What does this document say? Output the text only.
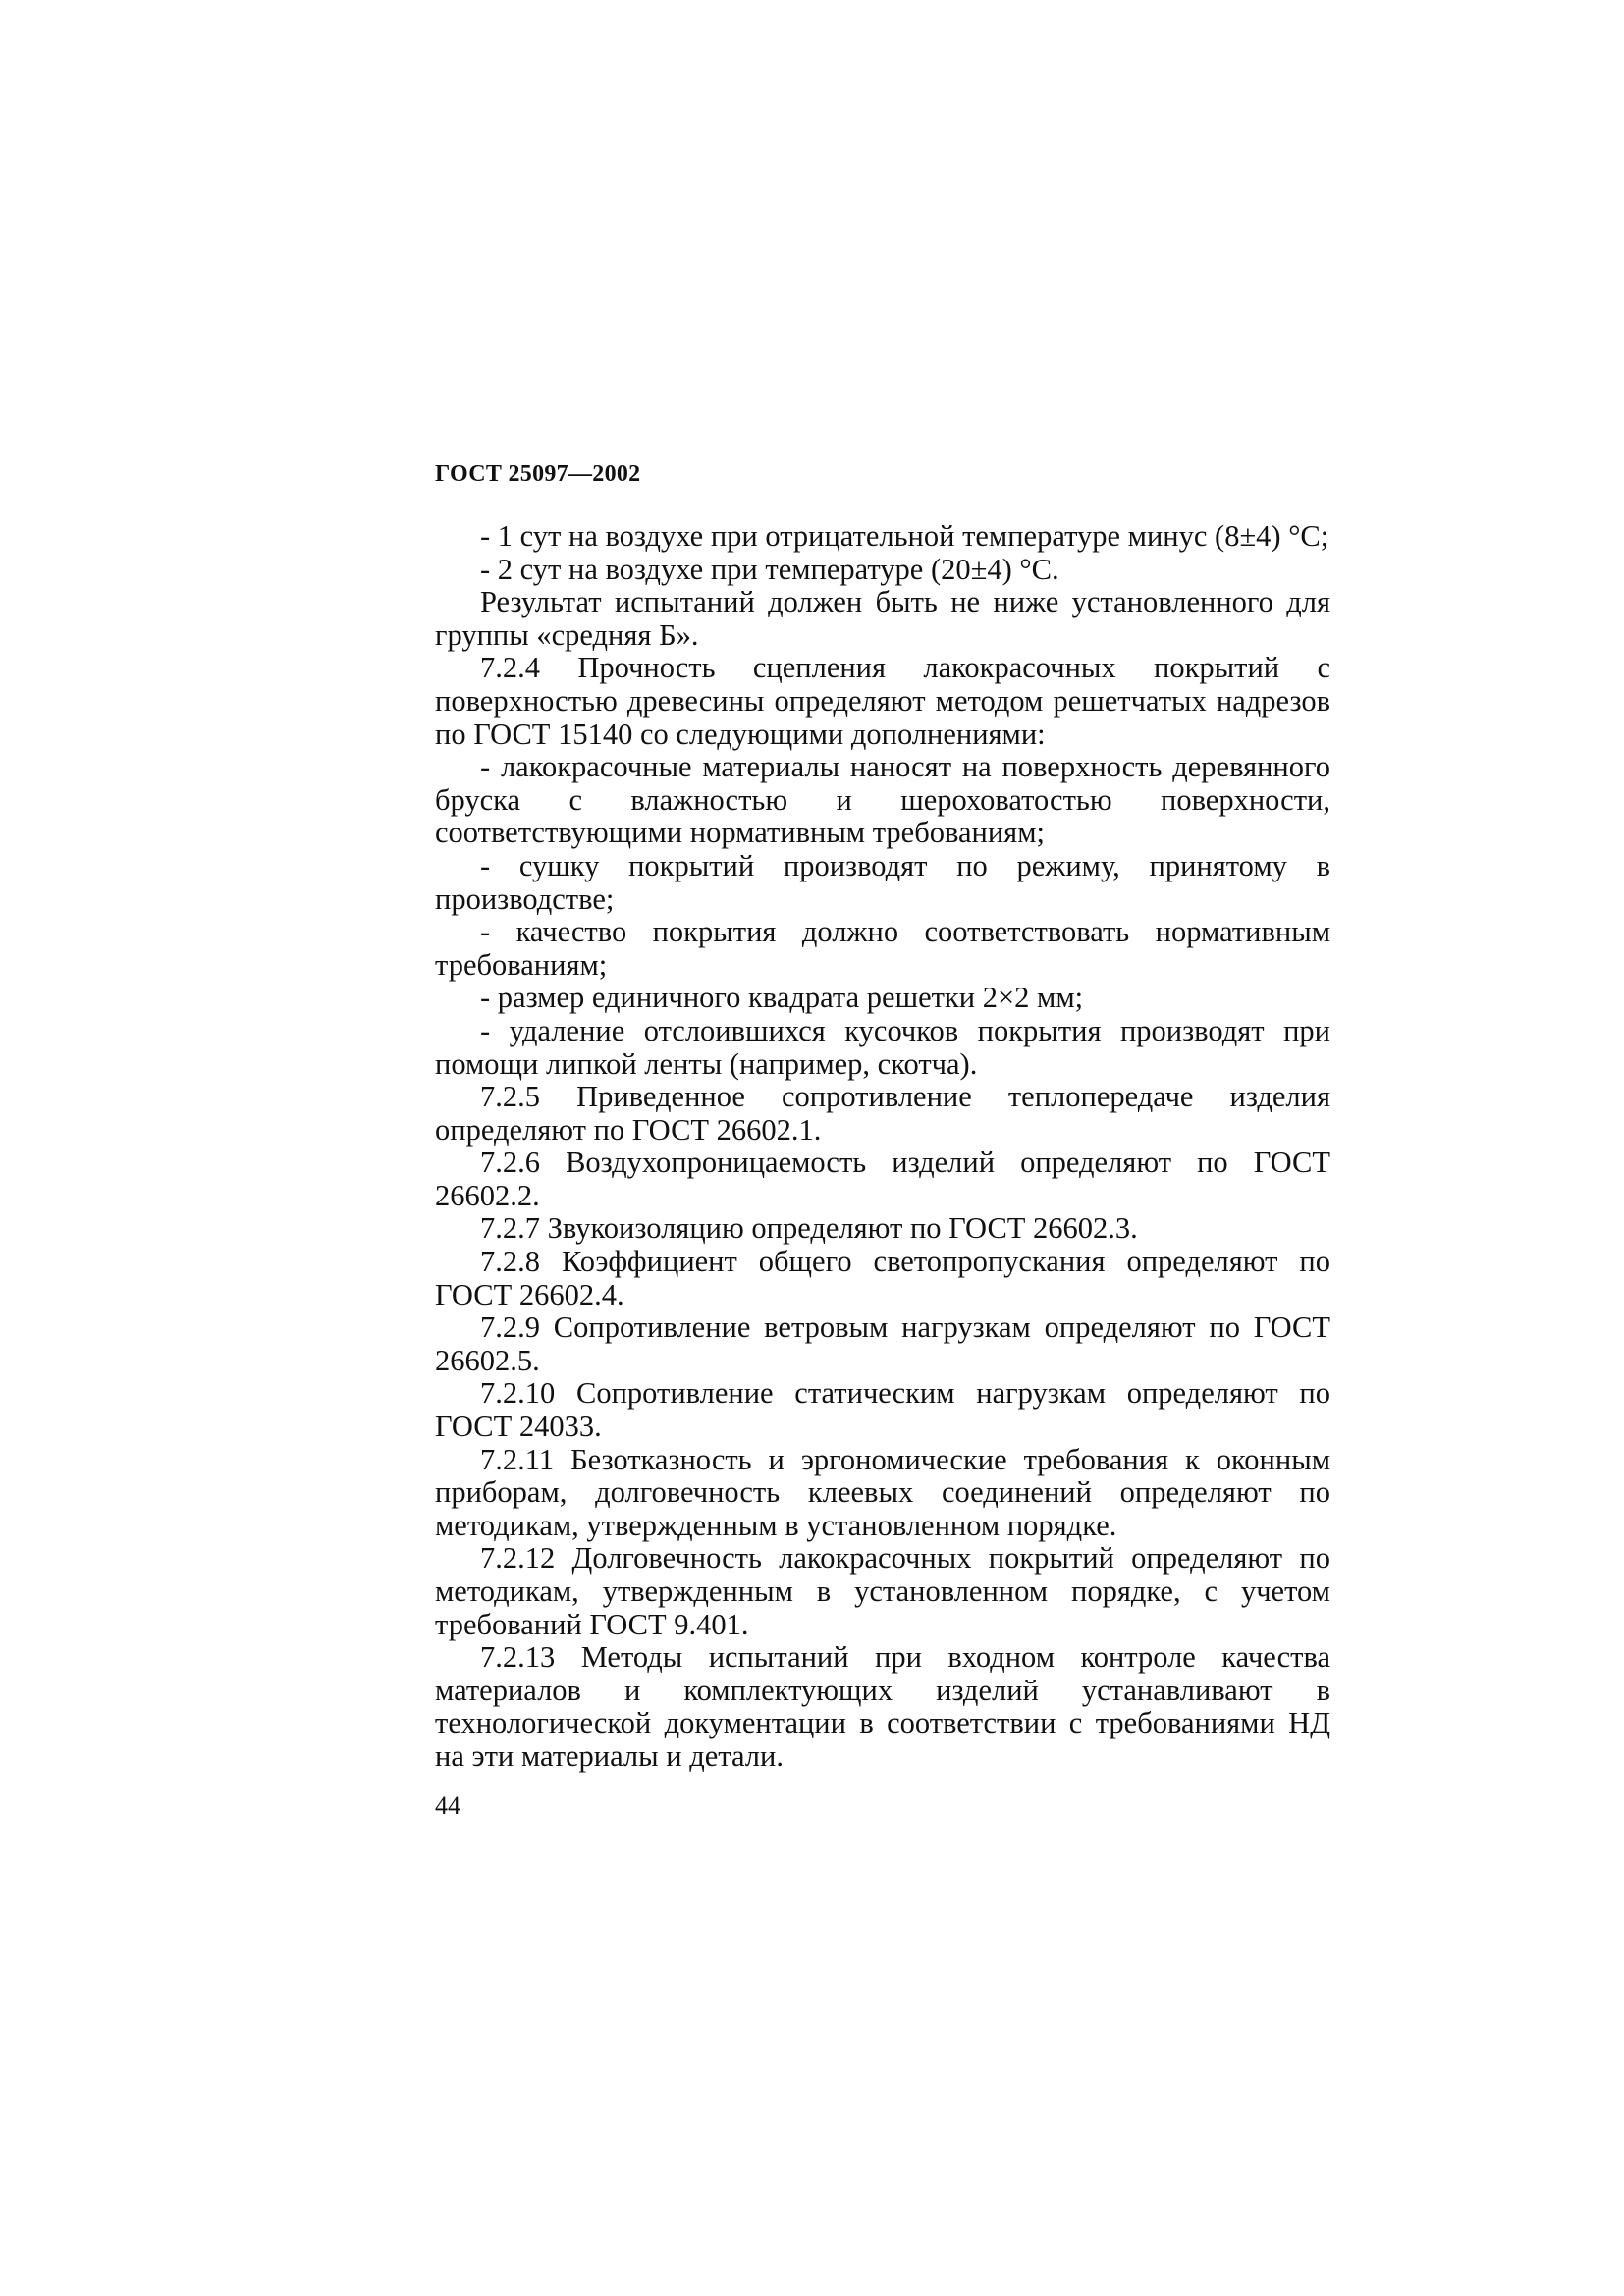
ГОСТ 25097—2002

- 1 сут на воздухе при отрицательной температуре минус (8±4) °С;

- 2 сут на воздухе при температуре (20±4) °С.

Результат испытаний должен быть не ниже установленного для группы «средняя Б».

7.2.4 Прочность сцепления лакокрасочных покрытий с поверхностью древесины определяют методом решетчатых надрезов по ГОСТ 15140 со следующими дополнениями:

- лакокрасочные материалы наносят на поверхность деревянного бруска с влажностью и шероховатостью поверхности, соответствующими нормативным требованиям;

- сушку покрытий производят по режиму, принятому в производстве;

- качество покрытия должно соответствовать нормативным требованиям;

- размер единичного квадрата решетки 2×2 мм;

- удаление отслоившихся кусочков покрытия производят при помощи липкой ленты (например, скотча).

7.2.5 Приведенное сопротивление теплопередаче изделия определяют по ГОСТ 26602.1.

7.2.6 Воздухопроницаемость изделий определяют по ГОСТ 26602.2.

7.2.7 Звукоизоляцию определяют по ГОСТ 26602.3.

7.2.8 Коэффициент общего светопропускания определяют по ГОСТ 26602.4.

7.2.9 Сопротивление ветровым нагрузкам определяют по ГОСТ 26602.5.

7.2.10 Сопротивление статическим нагрузкам определяют по ГОСТ 24033.

7.2.11 Безотказность и эргономические требования к оконным приборам, долговечность клеевых соединений определяют по методикам, утвержденным в установленном порядке.

7.2.12 Долговечность лакокрасочных покрытий определяют по методикам, утвержденным в установленном порядке, с учетом требований ГОСТ 9.401.

7.2.13 Методы испытаний при входном контроле качества материалов и комплектующих изделий устанавливают в технологической документации в соответствии с требованиями НД на эти материалы и детали.

44
